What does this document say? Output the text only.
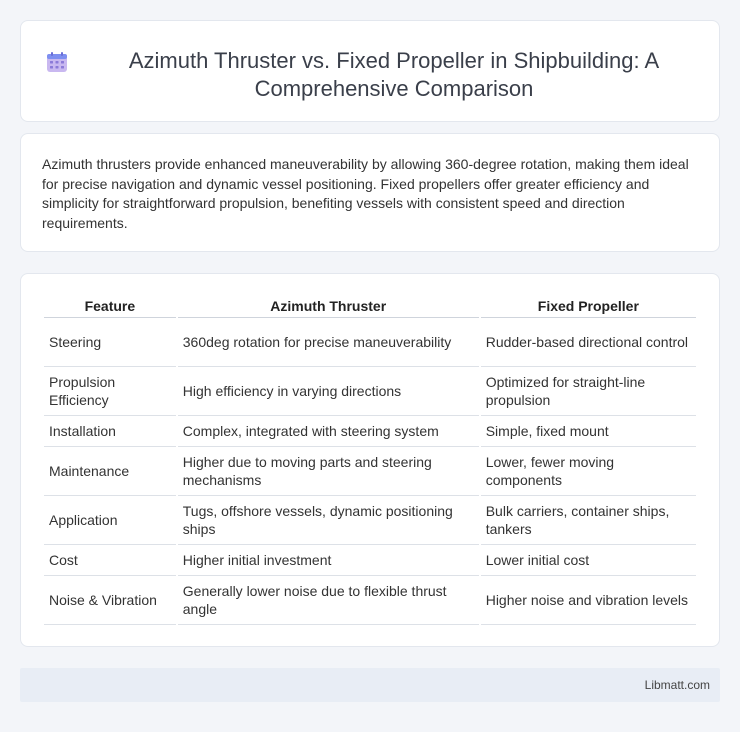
Azimuth Thruster vs. Fixed Propeller in Shipbuilding: A Comprehensive Comparison

Azimuth thrusters provide enhanced maneuverability by allowing 360-degree rotation, making them ideal for precise navigation and dynamic vessel positioning. Fixed propellers offer greater efficiency and simplicity for straightforward propulsion, benefiting vessels with consistent speed and direction requirements.

Feature	Azimuth Thruster	Fixed Propeller
Steering	360deg rotation for precise maneuverability	Rudder-based directional control
Propulsion Efficiency	High efficiency in varying directions	Optimized for straight-line propulsion
Installation	Complex, integrated with steering system	Simple, fixed mount
Maintenance	Higher due to moving parts and steering mechanisms	Lower, fewer moving components
Application	Tugs, offshore vessels, dynamic positioning ships	Bulk carriers, container ships, tankers
Cost	Higher initial investment	Lower initial cost
Noise & Vibration	Generally lower noise due to flexible thrust angle	Higher noise and vibration levels
Libmatt.com
